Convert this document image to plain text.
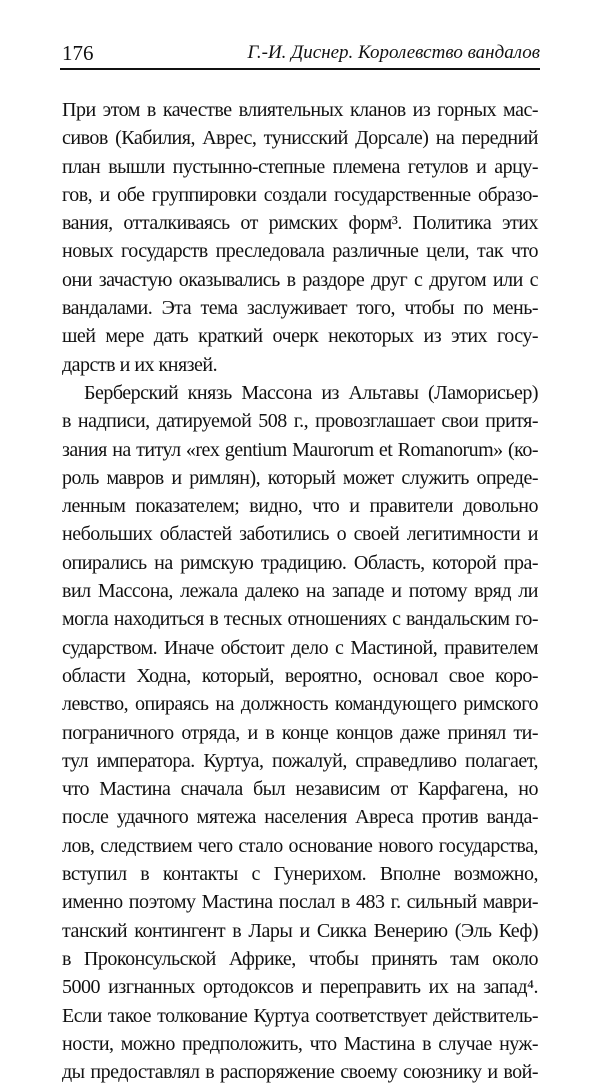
176	Г.-И. Диснер. Королевство вандалов
При этом в качестве влиятельных кланов из горных мас-
сивов (Кабилия, Аврес, тунисский Дорсале) на передний
план вышли пустынно-степные племена гетулов и арцу-
гов, и обе группировки создали государственные образо-
вания, отталкиваясь от римских форм³. Политика этих
новых государств преследовала различные цели, так что
они зачастую оказывались в раздоре друг с другом или с
вандалами. Эта тема заслуживает того, чтобы по мень-
шей мере дать краткий очерк некоторых из этих госу-
дарств и их князей.
Берберский князь Массона из Альтавы (Ламорисьер)
в надписи, датируемой 508 г., провозглашает свои притя-
зания на титул «rex gentium Maurorum et Romanorum» (ко-
роль мавров и римлян), который может служить опреде-
ленным показателем; видно, что и правители довольно
небольших областей заботились о своей легитимности и
опирались на римскую традицию. Область, которой пра-
вил Массона, лежала далеко на западе и потому вряд ли
могла находиться в тесных отношениях с вандальским го-
сударством. Иначе обстоит дело с Мастиной, правителем
области Ходна, который, вероятно, основал свое коро-
левство, опираясь на должность командующего римского
пограничного отряда, и в конце концов даже принял ти-
тул императора. Куртуа, пожалуй, справедливо полагает,
что Мастина сначала был независим от Карфагена, но
после удачного мятежа населения Авреса против ванда-
лов, следствием чего стало основание нового государства,
вступил в контакты с Гунерихом. Вполне возможно,
именно поэтому Мастина послал в 483 г. сильный маври-
танский контингент в Лары и Сикка Венерию (Эль Кеф)
в Проконсульской Африке, чтобы принять там около
5000 изгнанных ортодоксов и переправить их на запад⁴.
Если такое толкование Куртуа соответствует действитель-
ности, можно предположить, что Мастина в случае нуж-
ды предоставлял в распоряжение своему союзнику и вой-
